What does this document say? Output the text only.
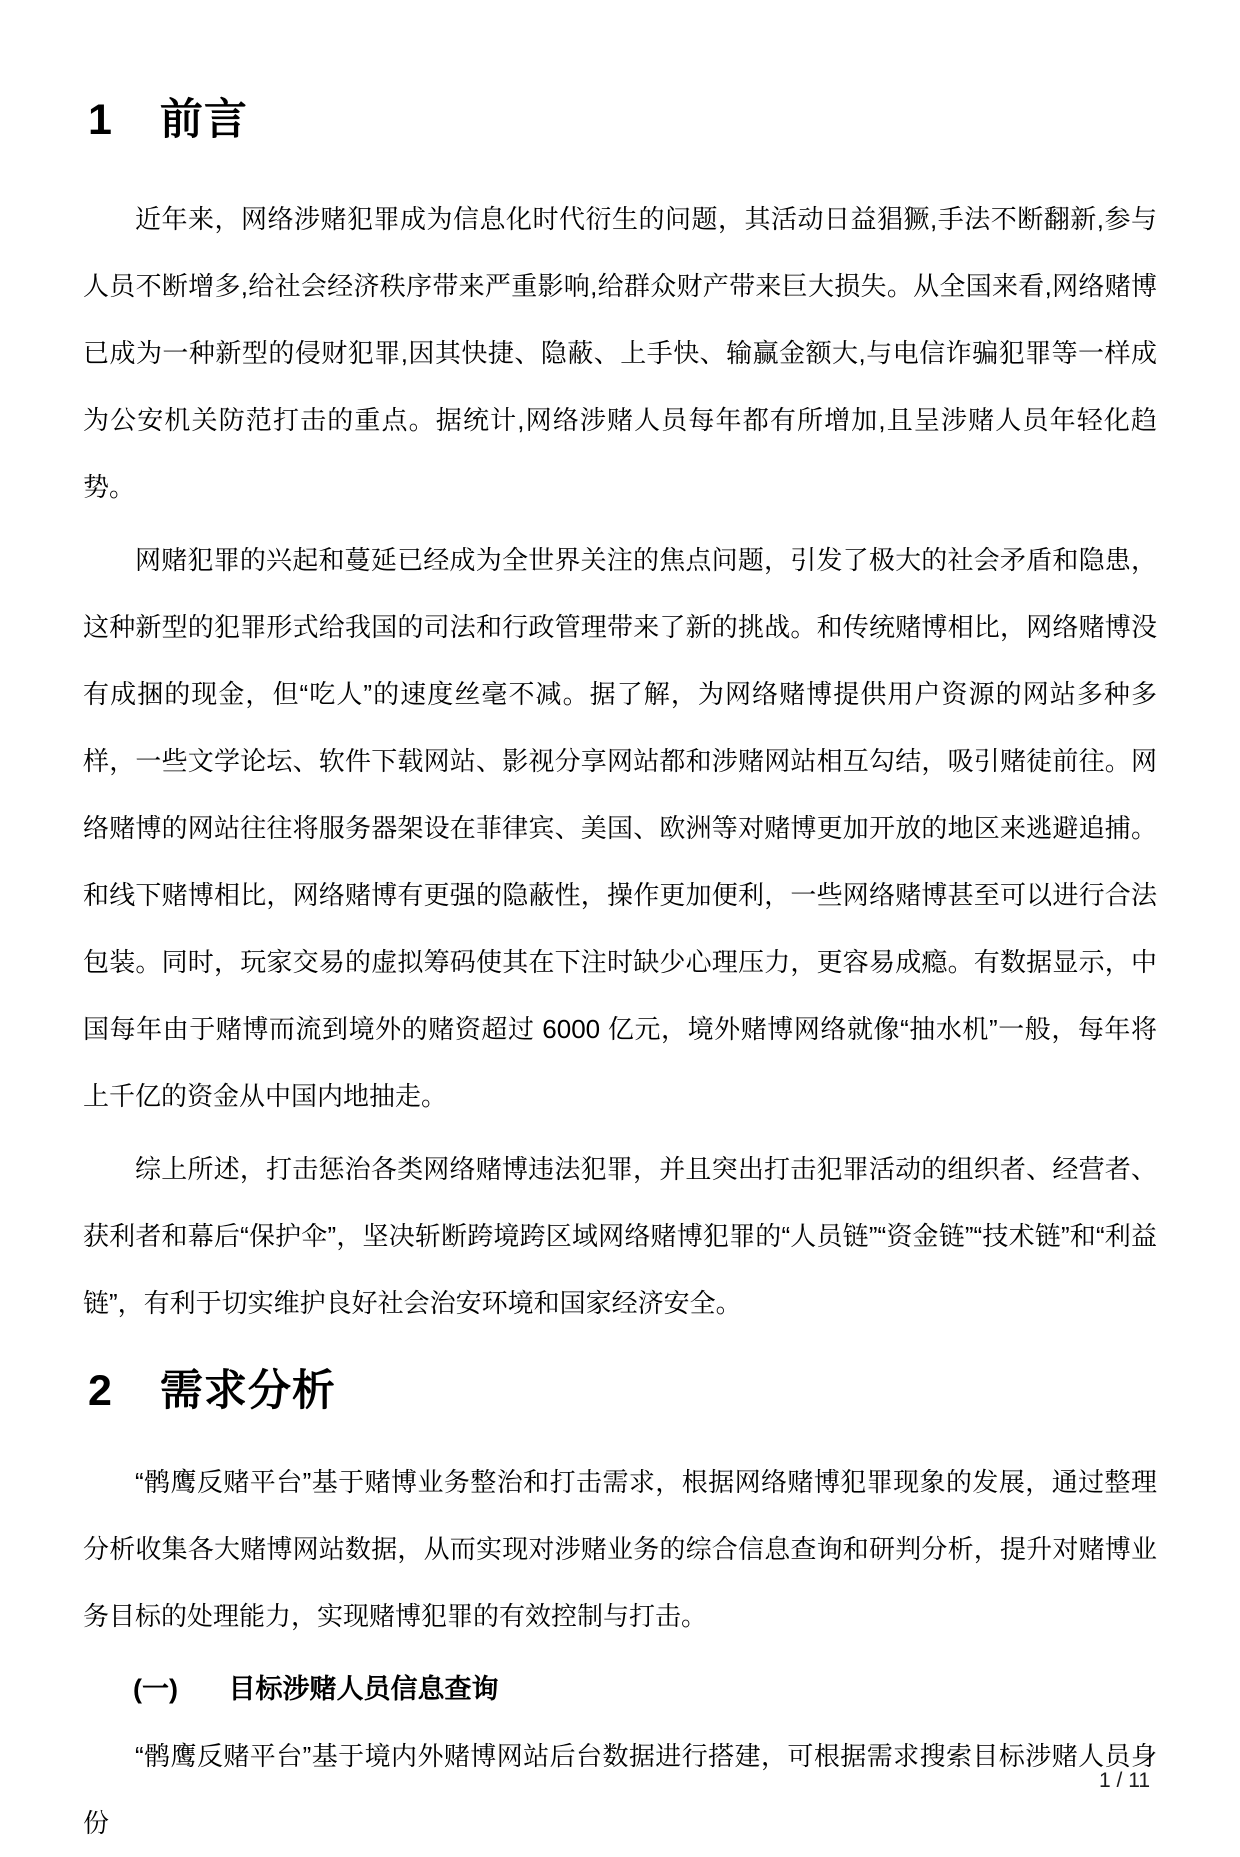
1 前言

近年来，网络涉赌犯罪成为信息化时代衍生的问题，其活动日益猖獗,手法不断翻新,参与人员不断增多,给社会经济秩序带来严重影响,给群众财产带来巨大损失。从全国来看,网络赌博已成为一种新型的侵财犯罪,因其快捷、隐蔽、上手快、输赢金额大,与电信诈骗犯罪等一样成为公安机关防范打击的重点。据统计,网络涉赌人员每年都有所增加,且呈涉赌人员年轻化趋势。

网赌犯罪的兴起和蔓延已经成为全世界关注的焦点问题，引发了极大的社会矛盾和隐患，这种新型的犯罪形式给我国的司法和行政管理带来了新的挑战。和传统赌博相比，网络赌博没有成捆的现金，但“吃人”的速度丝毫不减。据了解，为网络赌博提供用户资源的网站多种多样，一些文学论坛、软件下载网站、影视分享网站都和涉赌网站相互勾结，吸引赌徒前往。网络赌博的网站往往将服务器架设在菲律宾、美国、欧洲等对赌博更加开放的地区来逃避追捕。和线下赌博相比，网络赌博有更强的隐蔽性，操作更加便利，一些网络赌博甚至可以进行合法包装。同时，玩家交易的虚拟筹码使其在下注时缺少心理压力，更容易成瘾。有数据显示，中国每年由于赌博而流到境外的赌资超过 6000 亿元，境外赌博网络就像“抽水机”一般，每年将上千亿的资金从中国内地抽走。

综上所述，打击惩治各类网络赌博违法犯罪，并且突出打击犯罪活动的组织者、经营者、获利者和幕后“保护伞”，坚决斩断跨境跨区域网络赌博犯罪的“人员链”“资金链”“技术链”和“利益链”，有利于切实维护良好社会治安环境和国家经济安全。

2 需求分析

“鹘鹰反赌平台”基于赌博业务整治和打击需求，根据网络赌博犯罪现象的发展，通过整理分析收集各大赌博网站数据，从而实现对涉赌业务的综合信息查询和研判分析，提升对赌博业务目标的处理能力，实现赌博犯罪的有效控制与打击。

(一) 目标涉赌人员信息查询

“鹘鹰反赌平台”基于境内外赌博网站后台数据进行搭建，可根据需求搜索目标涉赌人员身份

1 / 11
